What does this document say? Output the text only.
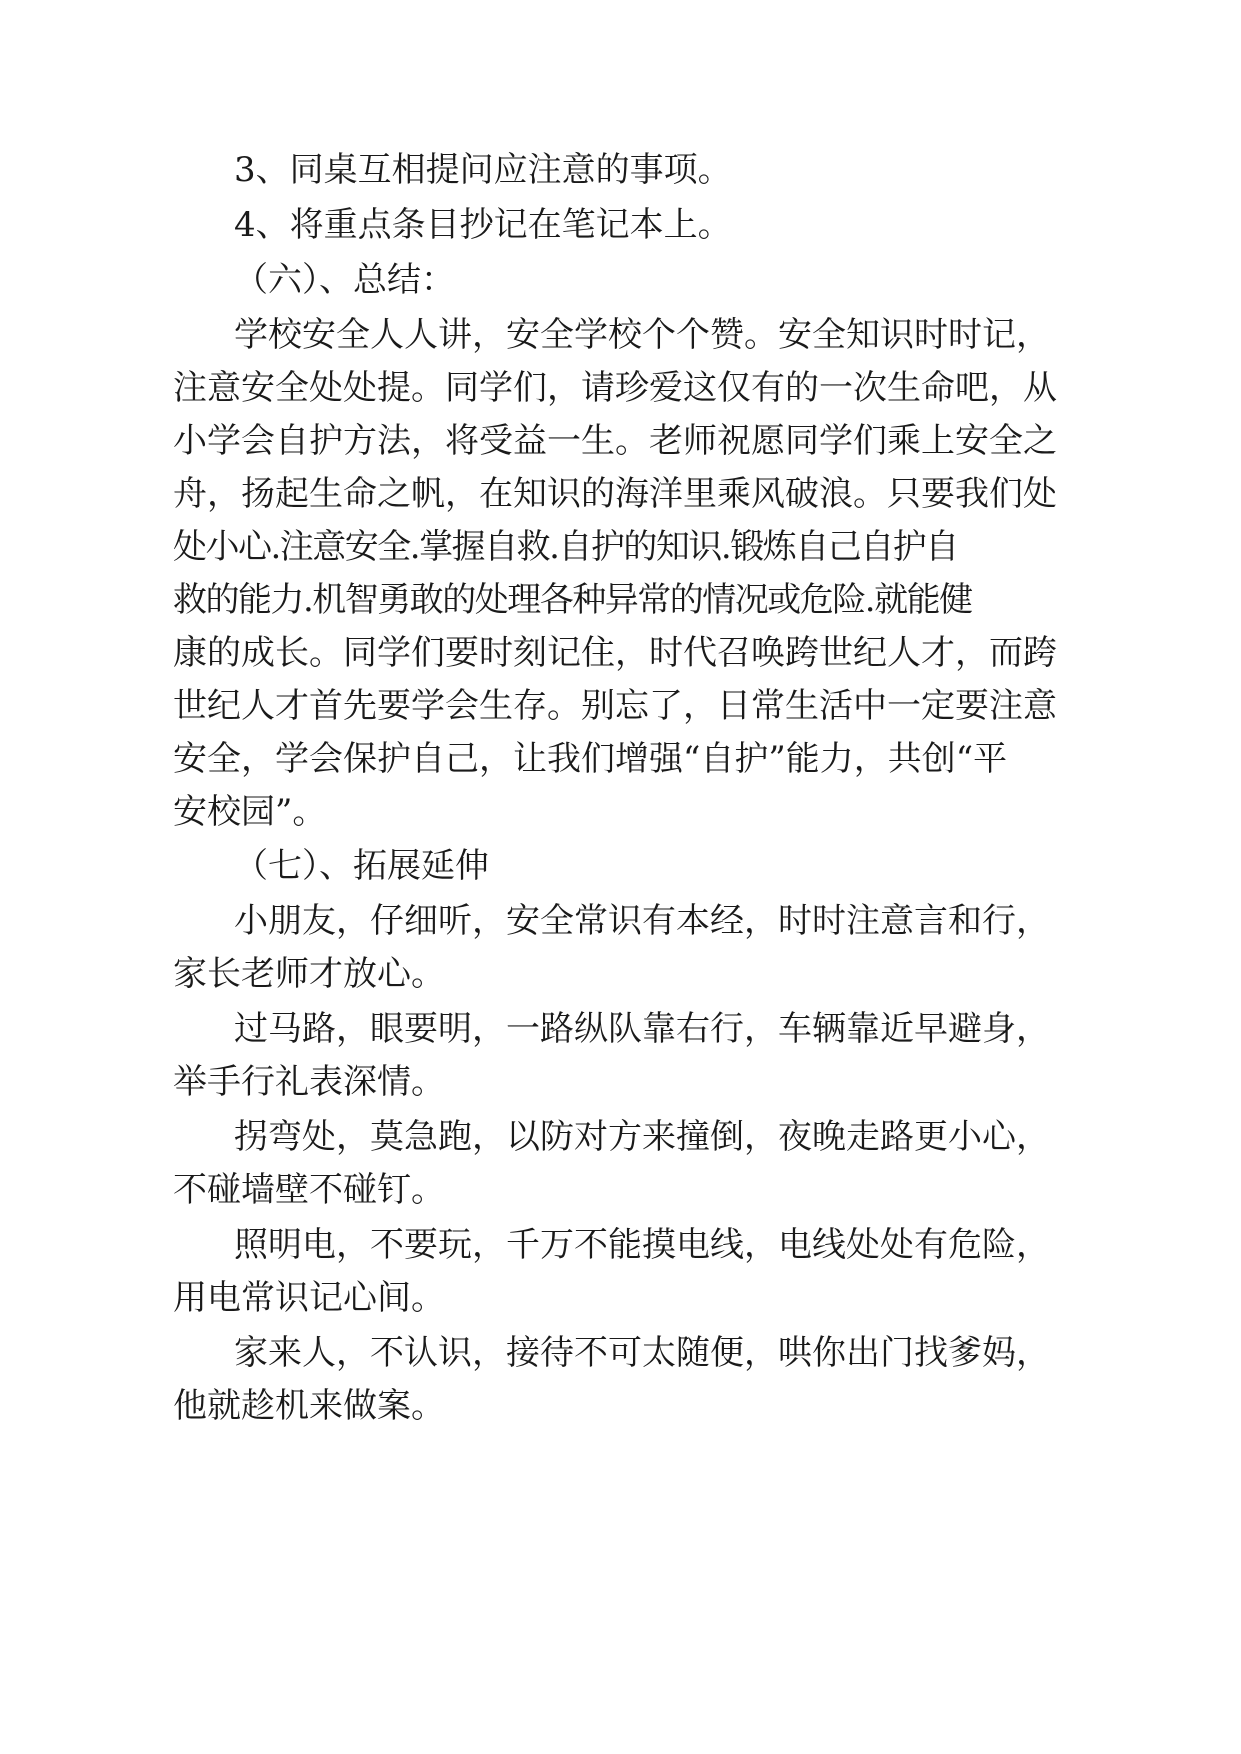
3、同桌互相提问应注意的事项。

4、将重点条目抄记在笔记本上。

（六）、总结：

学校安全人人讲，安全学校个个赞。安全知识时时记，

注意安全处处提。同学们，请珍爱这仅有的一次生命吧，从

小学会自护方法，将受益一生。老师祝愿同学们乘上安全之

舟，扬起生命之帆，在知识的海洋里乘风破浪。只要我们处

处小心.注意安全.掌握自救.自护的知识.锻炼自己自护自

救的能力.机智勇敢的处理各种异常的情况或危险.就能健

康的成长。同学们要时刻记住，时代召唤跨世纪人才，而跨

世纪人才首先要学会生存。别忘了，日常生活中一定要注意

安全，学会保护自己，让我们增强“自护”能力，共创“平

安校园”。

（七）、拓展延伸

小朋友，仔细听，安全常识有本经，时时注意言和行，

家长老师才放心。

过马路，眼要明，一路纵队靠右行，车辆靠近早避身，

举手行礼表深情。

拐弯处，莫急跑，以防对方来撞倒，夜晚走路更小心，

不碰墙壁不碰钉。

照明电，不要玩，千万不能摸电线，电线处处有危险，

用电常识记心间。

家来人，不认识，接待不可太随便，哄你出门找爹妈，

他就趁机来做案。
